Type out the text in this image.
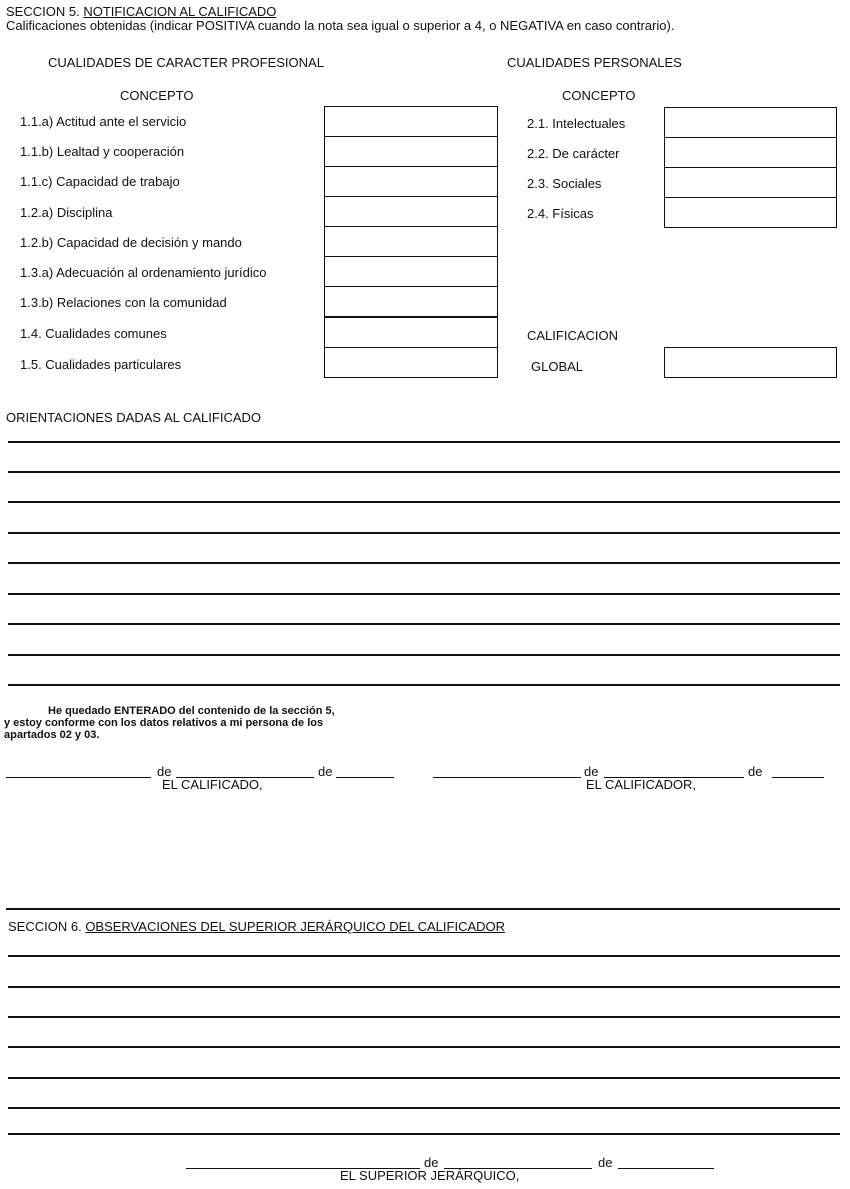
SECCION 5. NOTIFICACION AL CALIFICADO
Calificaciones obtenidas (indicar POSITIVA cuando la nota sea igual o superior a 4, o NEGATIVA en caso contrario).
CUALIDADES DE CARACTER PROFESIONAL	CUALIDADES PERSONALES
CONCEPTO	CONCEPTO
1.1.a) Actitud ante el servicio
1.1.b) Lealtad y cooperación
1.1.c) Capacidad de trabajo
1.2.a) Disciplina
1.2.b) Capacidad de decisión y mando
1.3.a) Adecuación al ordenamiento jurídico
1.3.b) Relaciones con la comunidad
1.4. Cualidades comunes
1.5. Cualidades particulares
2.1. Intelectuales
2.2. De carácter
2.3. Sociales
2.4. Físicas
CALIFICACION
GLOBAL
ORIENTACIONES DADAS AL CALIFICADO
He quedado ENTERADO del contenido de la sección 5,
y estoy conforme con los datos relativos a mi persona de los
apartados 02 y 03.
de	de
EL CALIFICADO,
de	de
EL CALIFICADOR,
SECCION 6. OBSERVACIONES DEL SUPERIOR JERÁRQUICO DEL CALIFICADOR
de	de
EL SUPERIOR JERÁRQUICO,
